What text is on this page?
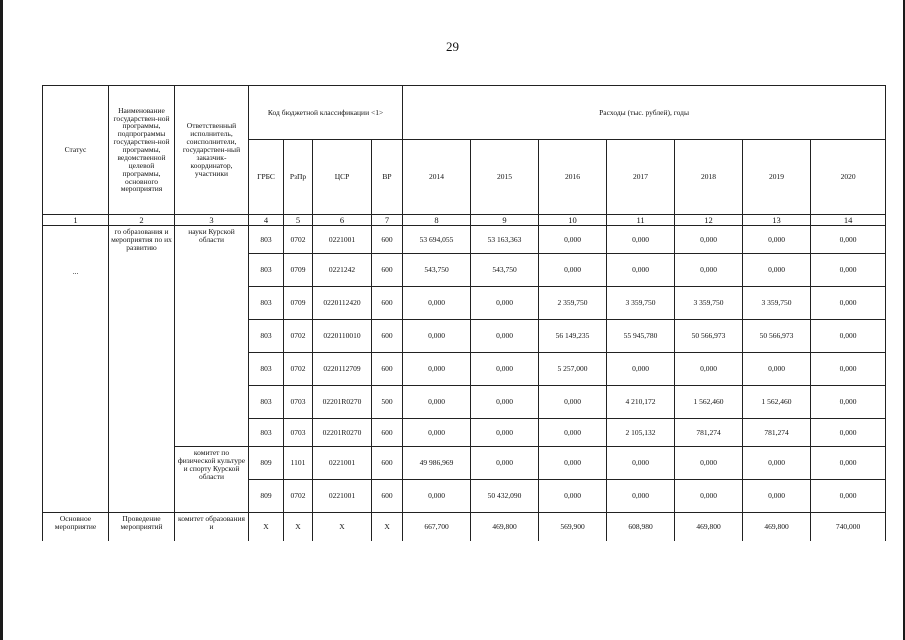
29
Статус	Наименование государствен-ной программы, подпрограммы государствен-ной программы, ведомственной целевой программы, основного мероприятия	Ответственный исполнитель, соисполнители, государствен-ный заказчик-координатор, участники	Код бюджетной классификации <1>				Расходы (тыс. рублей), годы						
			ГРБС	РзПр	ЦСР	ВР	2014	2015	2016	2017	2018	2019	2020
1	2	3	4	5	6	7	8	9	10	11	12	13	14

...	го образования и мероприятия по их развитию	науки Курской области	803	0702	0221001	600	53 694,055	53 163,363	0,000	0,000	0,000	0,000	0,000
			803	0709	0221242	600	543,750	543,750	0,000	0,000	0,000	0,000	0,000
			803	0709	0220112420	600	0,000	0,000	2 359,750	3 359,750	3 359,750	3 359,750	0,000
			803	0702	0220110010	600	0,000	0,000	56 149,235	55 945,780	50 566,973	50 566,973	0,000
			803	0702	0220112709	600	0,000	0,000	5 257,000	0,000	0,000	0,000	0,000
			803	0703	02201R0270	500	0,000	0,000	0,000	4 210,172	1 562,460	1 562,460	0,000
			803	0703	02201R0270	600	0,000	0,000	0,000	2 105,132	781,274	781,274	0,000
		комитет по физической культуре и спорту Курской области	809	1101	0221001	600	49 986,969	0,000	0,000	0,000	0,000	0,000	0,000
			809	0702	0221001	600	0,000	50 432,090	0,000	0,000	0,000	0,000	0,000
Основное мероприятие	Проведение мероприятий	комитет образования и	X	X	X	X	667,700	469,800	569,900	608,980	469,800	469,800	740,000
